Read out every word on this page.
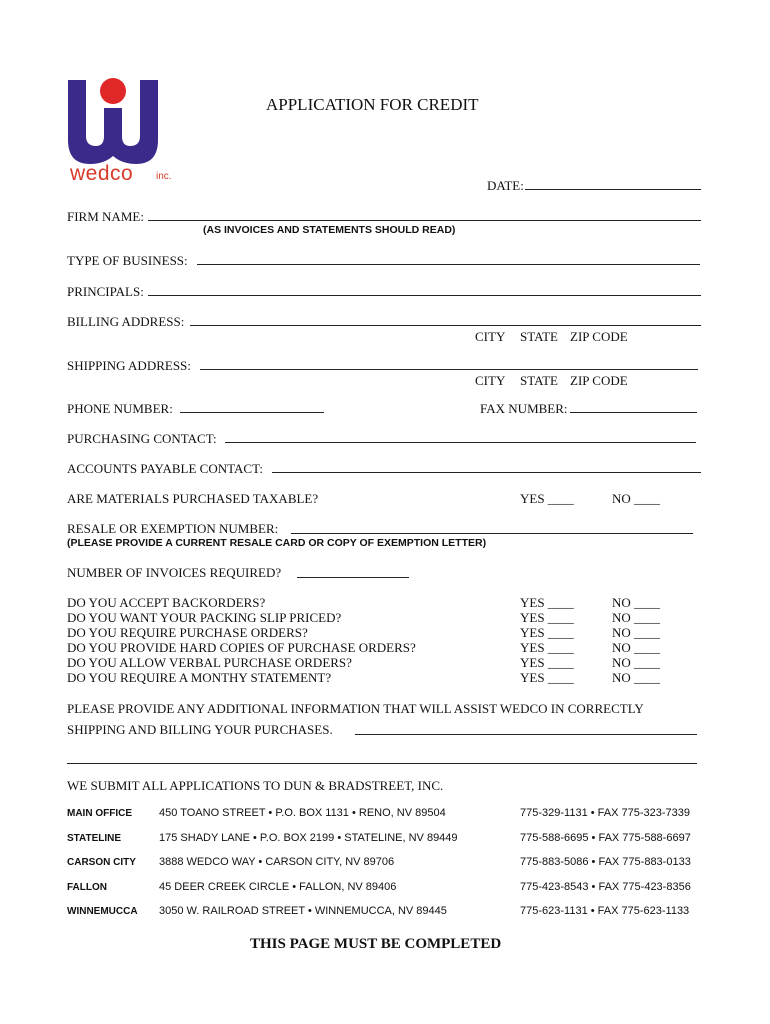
wedco inc.
APPLICATION FOR CREDIT
DATE:
FIRM NAME:
(AS INVOICES AND STATEMENTS SHOULD READ)
TYPE OF BUSINESS:
PRINCIPALS:
BILLING ADDRESS:
CITY STATE ZIP CODE
SHIPPING ADDRESS:
CITY STATE ZIP CODE
PHONE NUMBER:	FAX NUMBER:
PURCHASING CONTACT:
ACCOUNTS PAYABLE CONTACT:
ARE MATERIALS PURCHASED TAXABLE?	YES ____	NO ____
RESALE OR EXEMPTION NUMBER:
(PLEASE PROVIDE A CURRENT RESALE CARD OR COPY OF EXEMPTION LETTER)
NUMBER OF INVOICES REQUIRED?
DO YOU ACCEPT BACKORDERS?	YES ____	NO ____
DO YOU WANT YOUR PACKING SLIP PRICED?	YES ____	NO ____
DO YOU REQUIRE PURCHASE ORDERS?	YES ____	NO ____
DO YOU PROVIDE HARD COPIES OF PURCHASE ORDERS?	YES ____	NO ____
DO YOU ALLOW VERBAL PURCHASE ORDERS?	YES ____	NO ____
DO YOU REQUIRE A MONTHY STATEMENT?	YES ____	NO ____
PLEASE PROVIDE ANY ADDITIONAL INFORMATION THAT WILL ASSIST WEDCO IN CORRECTLY
SHIPPING AND BILLING YOUR PURCHASES.
WE SUBMIT ALL APPLICATIONS TO DUN & BRADSTREET, INC.
MAIN OFFICE 450 TOANO STREET • P.O. BOX 1131 • RENO, NV 89504	775-329-1131 • FAX 775-323-7339
STATELINE	175 SHADY LANE • P.O. BOX 2199 • STATELINE, NV 89449	775-588-6695 • FAX 775-588-6697
CARSON CITY 3888 WEDCO WAY • CARSON CITY, NV 89706	775-883-5086 • FAX 775-883-0133
FALLON	45 DEER CREEK CIRCLE • FALLON, NV 89406	775-423-8543 • FAX 775-423-8356
WINNEMUCCA 3050 W. RAILROAD STREET • WINNEMUCCA, NV 89445	775-623-1131 • FAX 775-623-1133
THIS PAGE MUST BE COMPLETED
